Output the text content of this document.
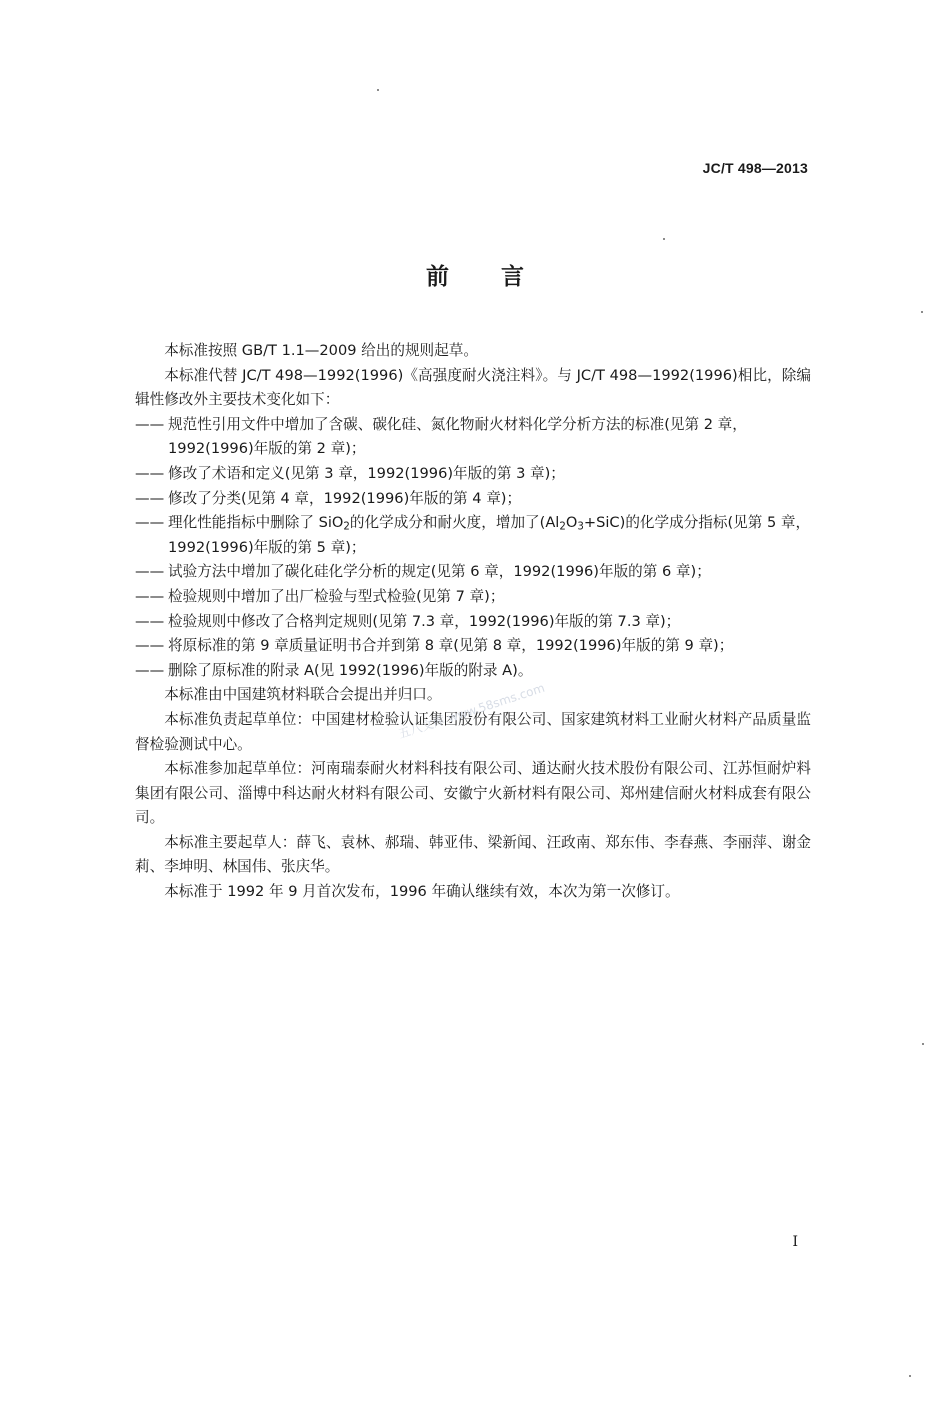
JC/T 498—2013
前 言

本标准按照 GB/T 1.1—2009 给出的规则起草。

本标准代替 JC/T 498—1992(1996)《高强度耐火浇注料》。与 JC/T 498—1992(1996)相比，除编辑性修改外主要技术变化如下：

—— 规范性引用文件中增加了含碳、碳化硅、氮化物耐火材料化学分析方法的标准(见第 2 章，1992(1996)年版的第 2 章)；

—— 修改了术语和定义(见第 3 章，1992(1996)年版的第 3 章)；

—— 修改了分类(见第 4 章，1992(1996)年版的第 4 章)；

—— 理化性能指标中删除了 SiO$_2$的化学成分和耐火度，增加了$(Al_2O_3+SiC)$的化学成分指标(见第 5 章，1992(1996)年版的第 5 章)；

—— 试验方法中增加了碳化硅化学分析的规定(见第 6 章，1992(1996)年版的第 6 章)；

—— 检验规则中增加了出厂检验与型式检验(见第 7 章)；

—— 检验规则中修改了合格判定规则(见第 7.3 章，1992(1996)年版的第 7.3 章)；

—— 将原标准的第 9 章质量证明书合并到第 8 章(见第 8 章，1992(1996)年版的第 9 章)；

—— 删除了原标准的附录 A(见 1992(1996)年版的附录 A)。

本标准由中国建筑材料联合会提出并归口。

本标准负责起草单位：中国建材检验认证集团股份有限公司、国家建筑材料工业耐火材料产品质量监督检验测试中心。

本标准参加起草单位：河南瑞泰耐火材料科技有限公司、通达耐火技术股份有限公司、江苏恒耐炉料集团有限公司、淄博中科达耐火材料有限公司、安徽宁火新材料有限公司、郑州建信耐火材料成套有限公司。

本标准主要起草人：薛飞、袁林、郝瑞、韩亚伟、梁新闻、汪政南、郑东伟、李春燕、李丽萍、谢金莉、李坤明、林国伟、张庆华。

本标准于 1992 年 9 月首次发布，1996 年确认继续有效，本次为第一次修订。

五八文库 www.58sms.com
I
